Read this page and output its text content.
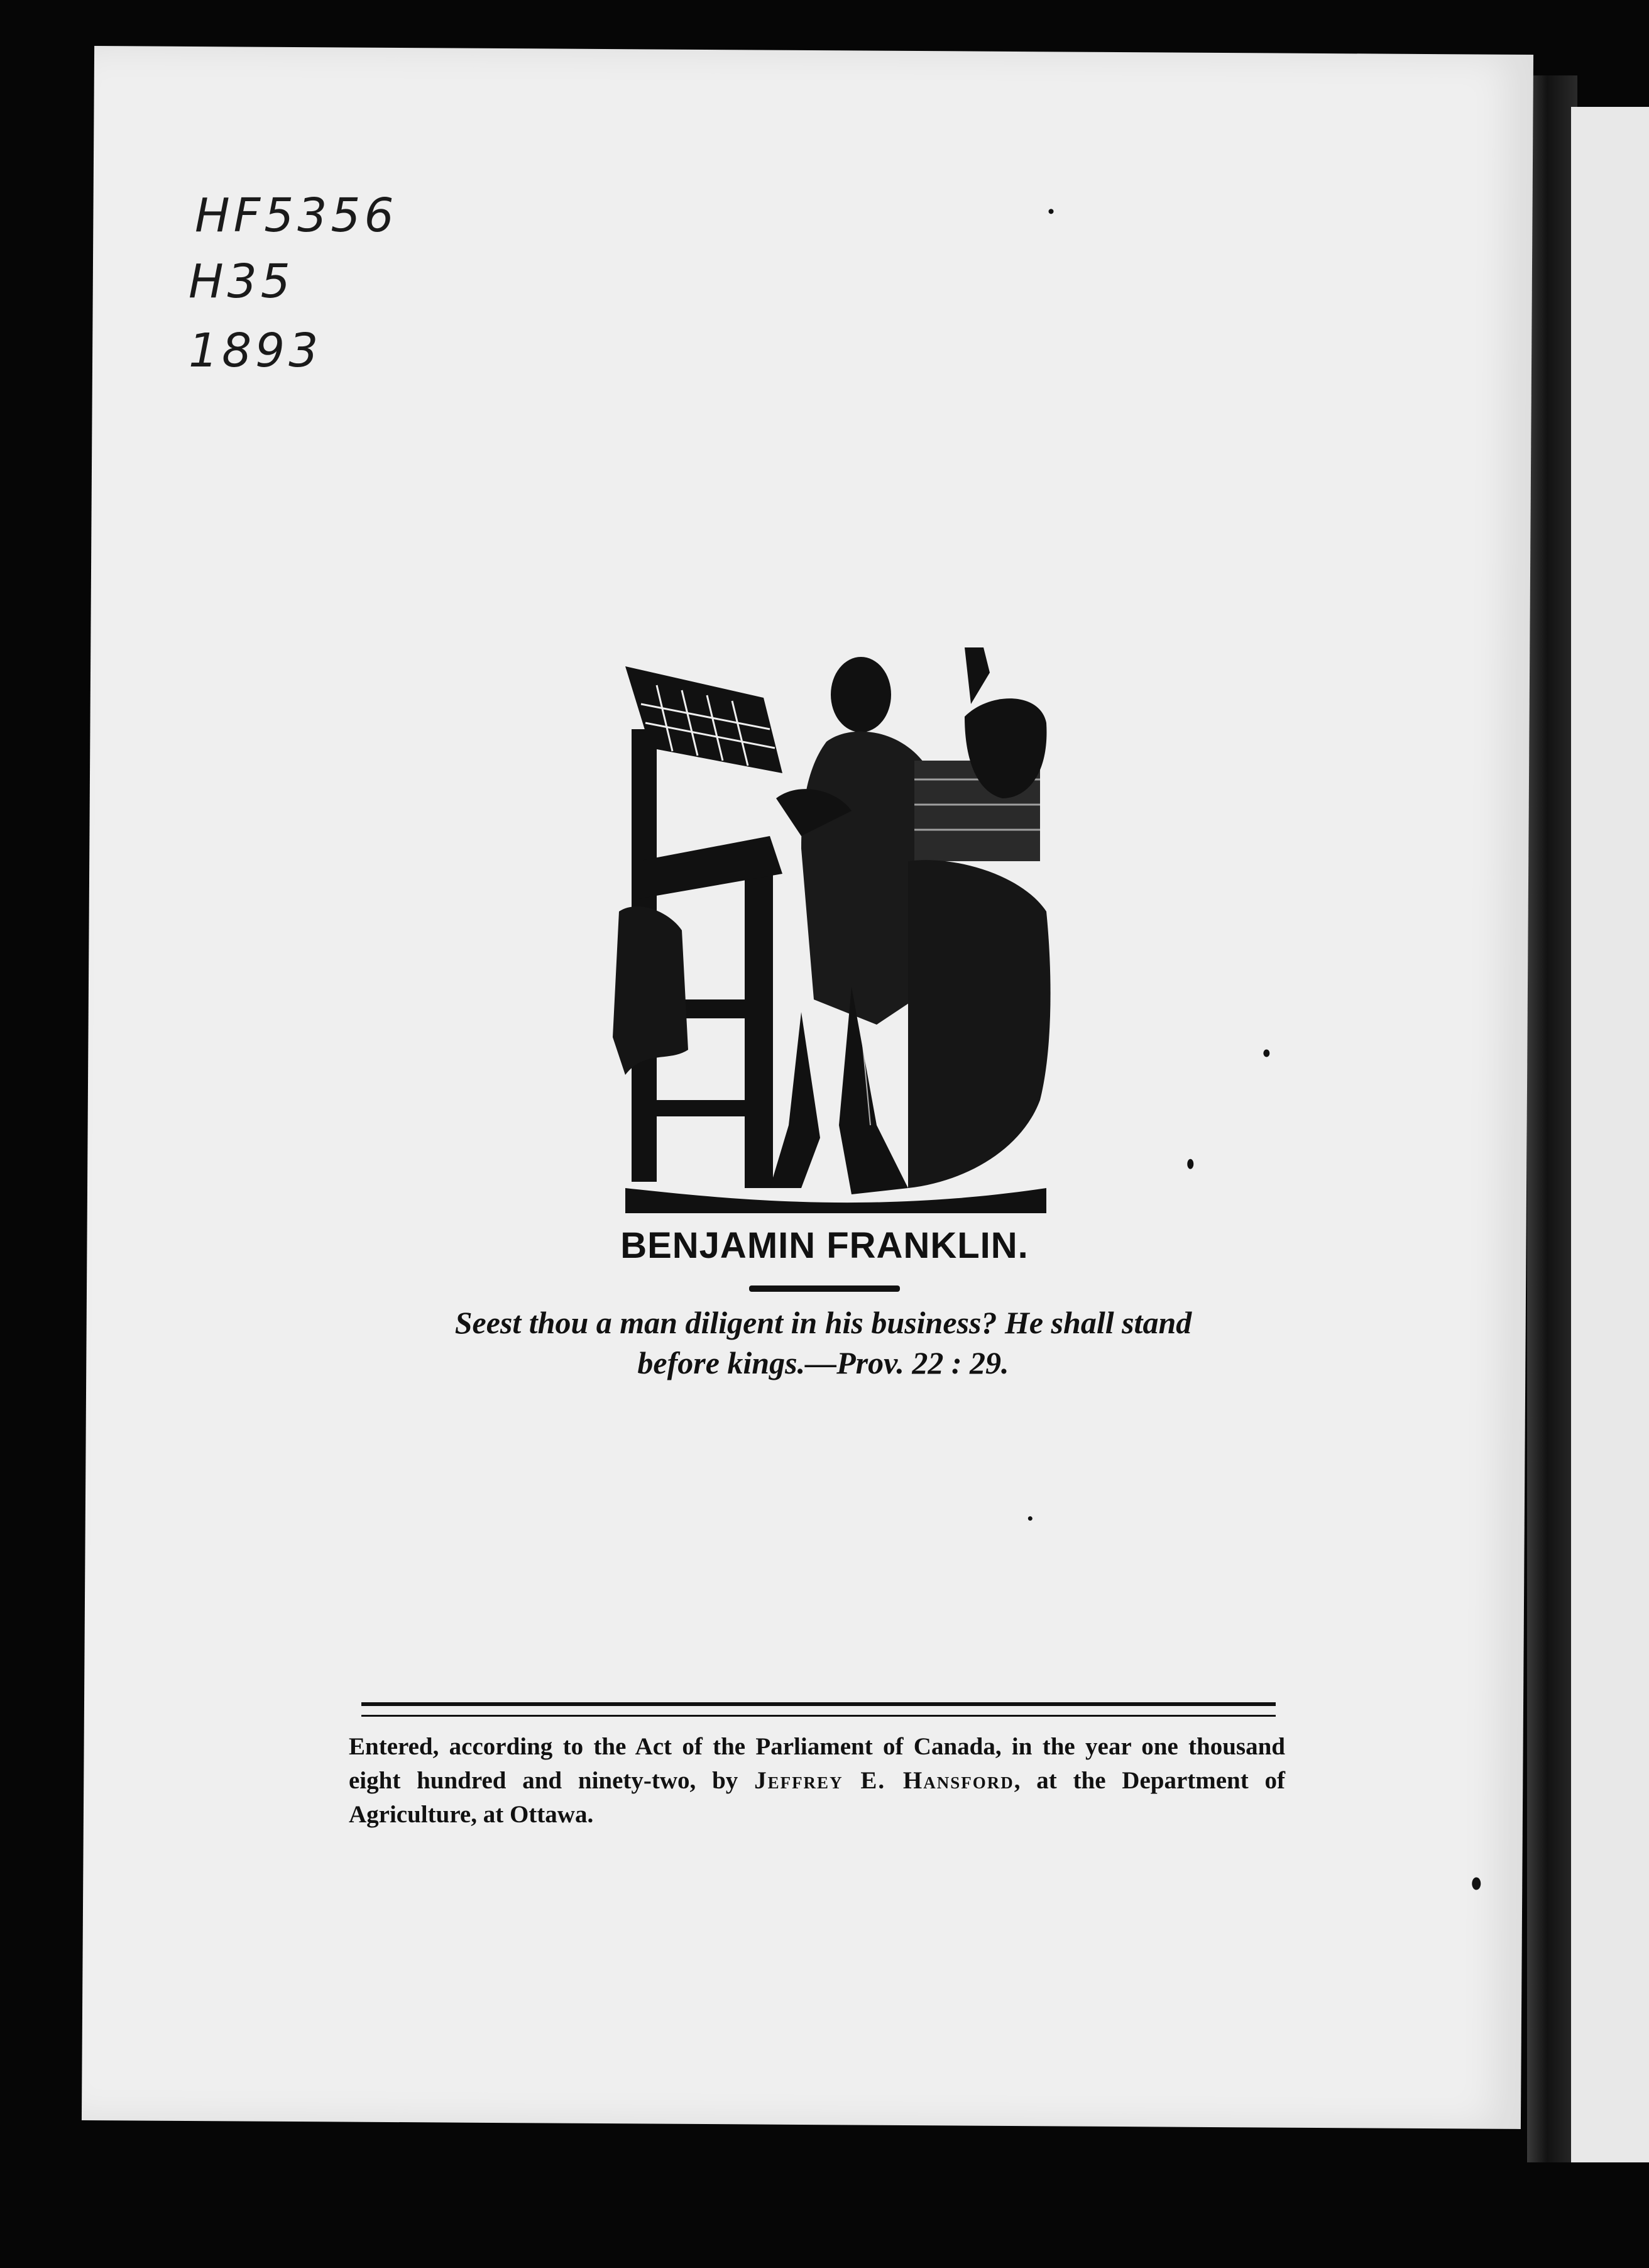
HF5356
H35
1893
BENJAMIN FRANKLIN.
Seest thou a man diligent in his business? He shall stand
before kings.—Prov. 22 : 29.
Entered, according to the Act of the Parliament of Canada, in the year one thousand eight hundred and ninety-two, by Jeffrey E. Hansford, at the Department of Agriculture, at Ottawa.
